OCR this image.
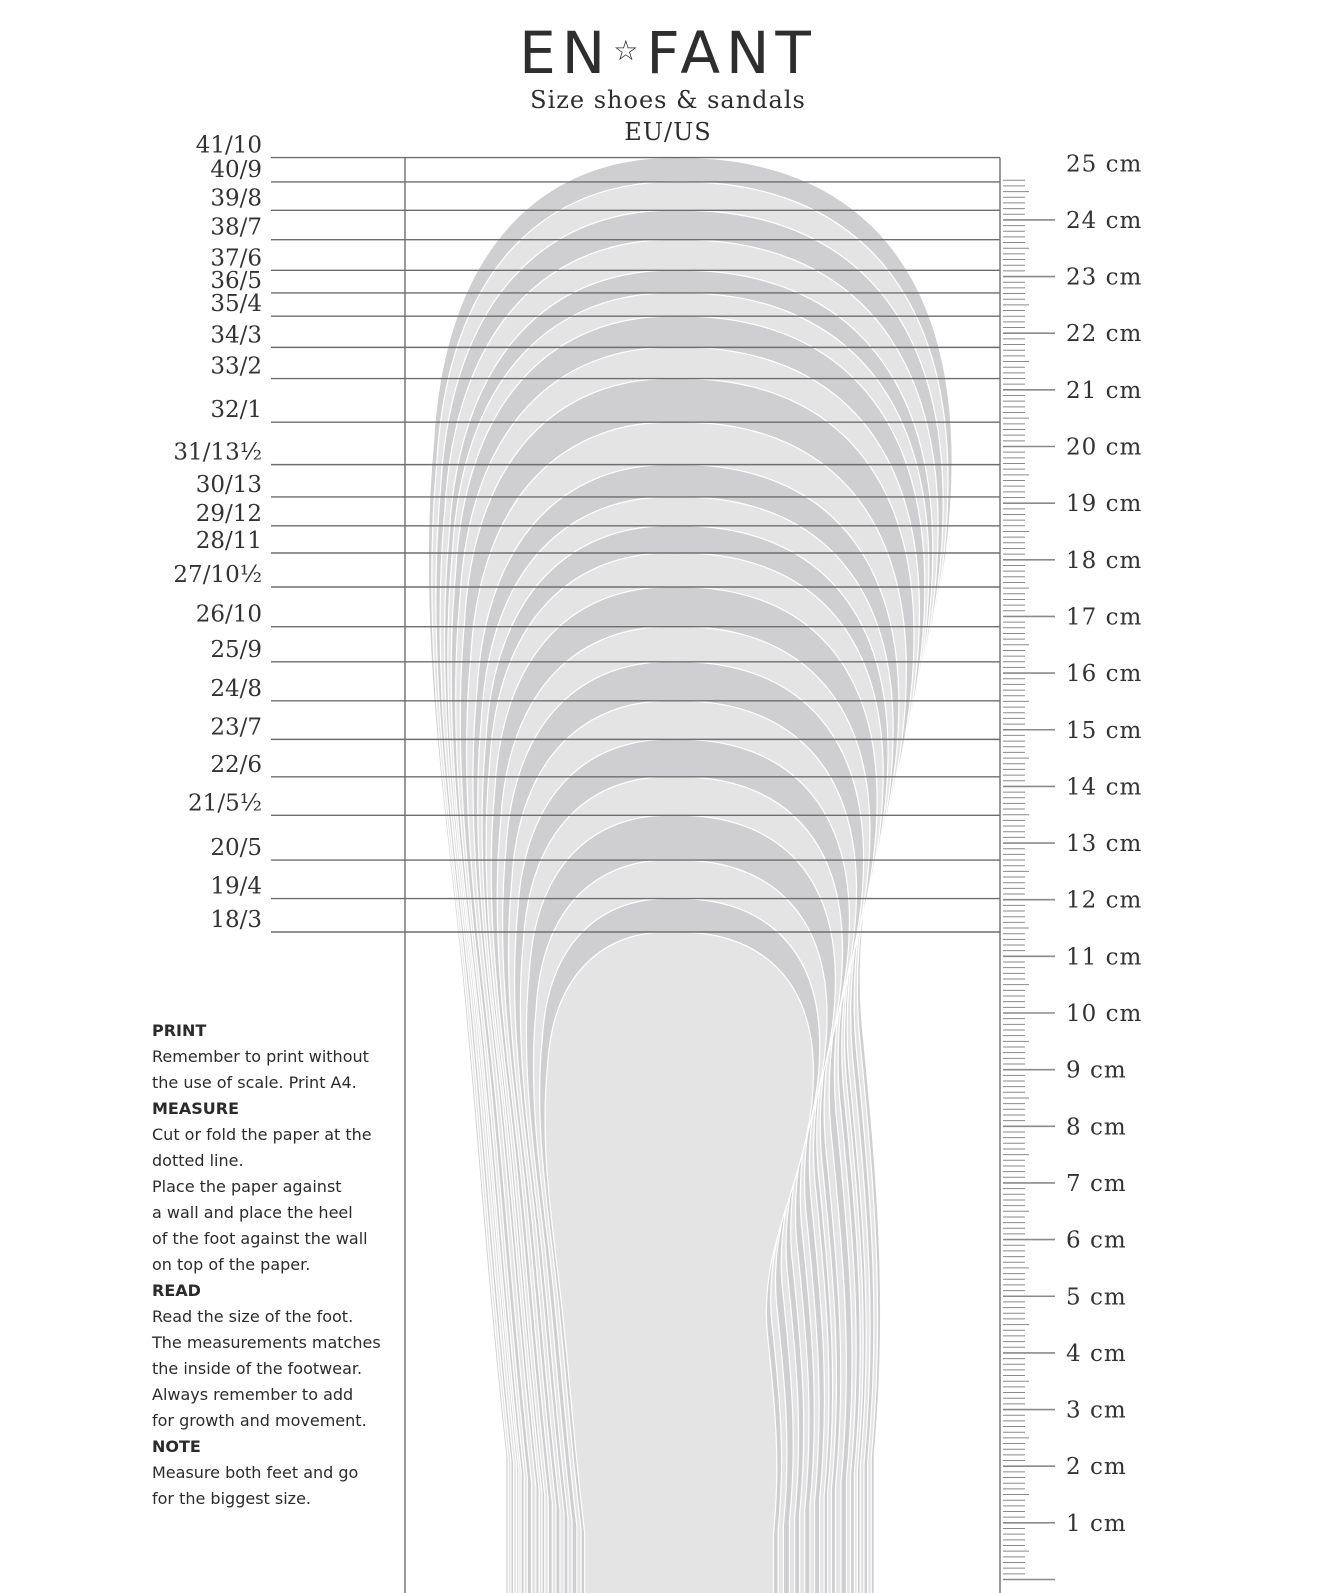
EN☆FANT
Size shoes & sandals
EU/US
25 cm
24 cm
23 cm
22 cm
21 cm
20 cm
19 cm
18 cm
17 cm
16 cm
15 cm
14 cm
13 cm
12 cm
11 cm
10 cm
9 cm
8 cm
7 cm
6 cm
5 cm
4 cm
3 cm
2 cm
1 cm
41/10
40/9
39/8
38/7
37/6
36/5
35/4
34/3
33/2
32/1
31/13½
30/13
29/12
28/11
27/10½
26/10
25/9
24/8
23/7
22/6
21/5½
20/5
19/4
18/3
PRINT
Remember to print without
the use of scale. Print A4.
MEASURE
Cut or fold the paper at the
dotted line.
Place the paper against
a wall and place the heel
of the foot against the wall
on top of the paper.
READ
Read the size of the foot.
The measurements matches
the inside of the footwear.
Always remember to add
for growth and movement.
NOTE
Measure both feet and go
for the biggest size.
